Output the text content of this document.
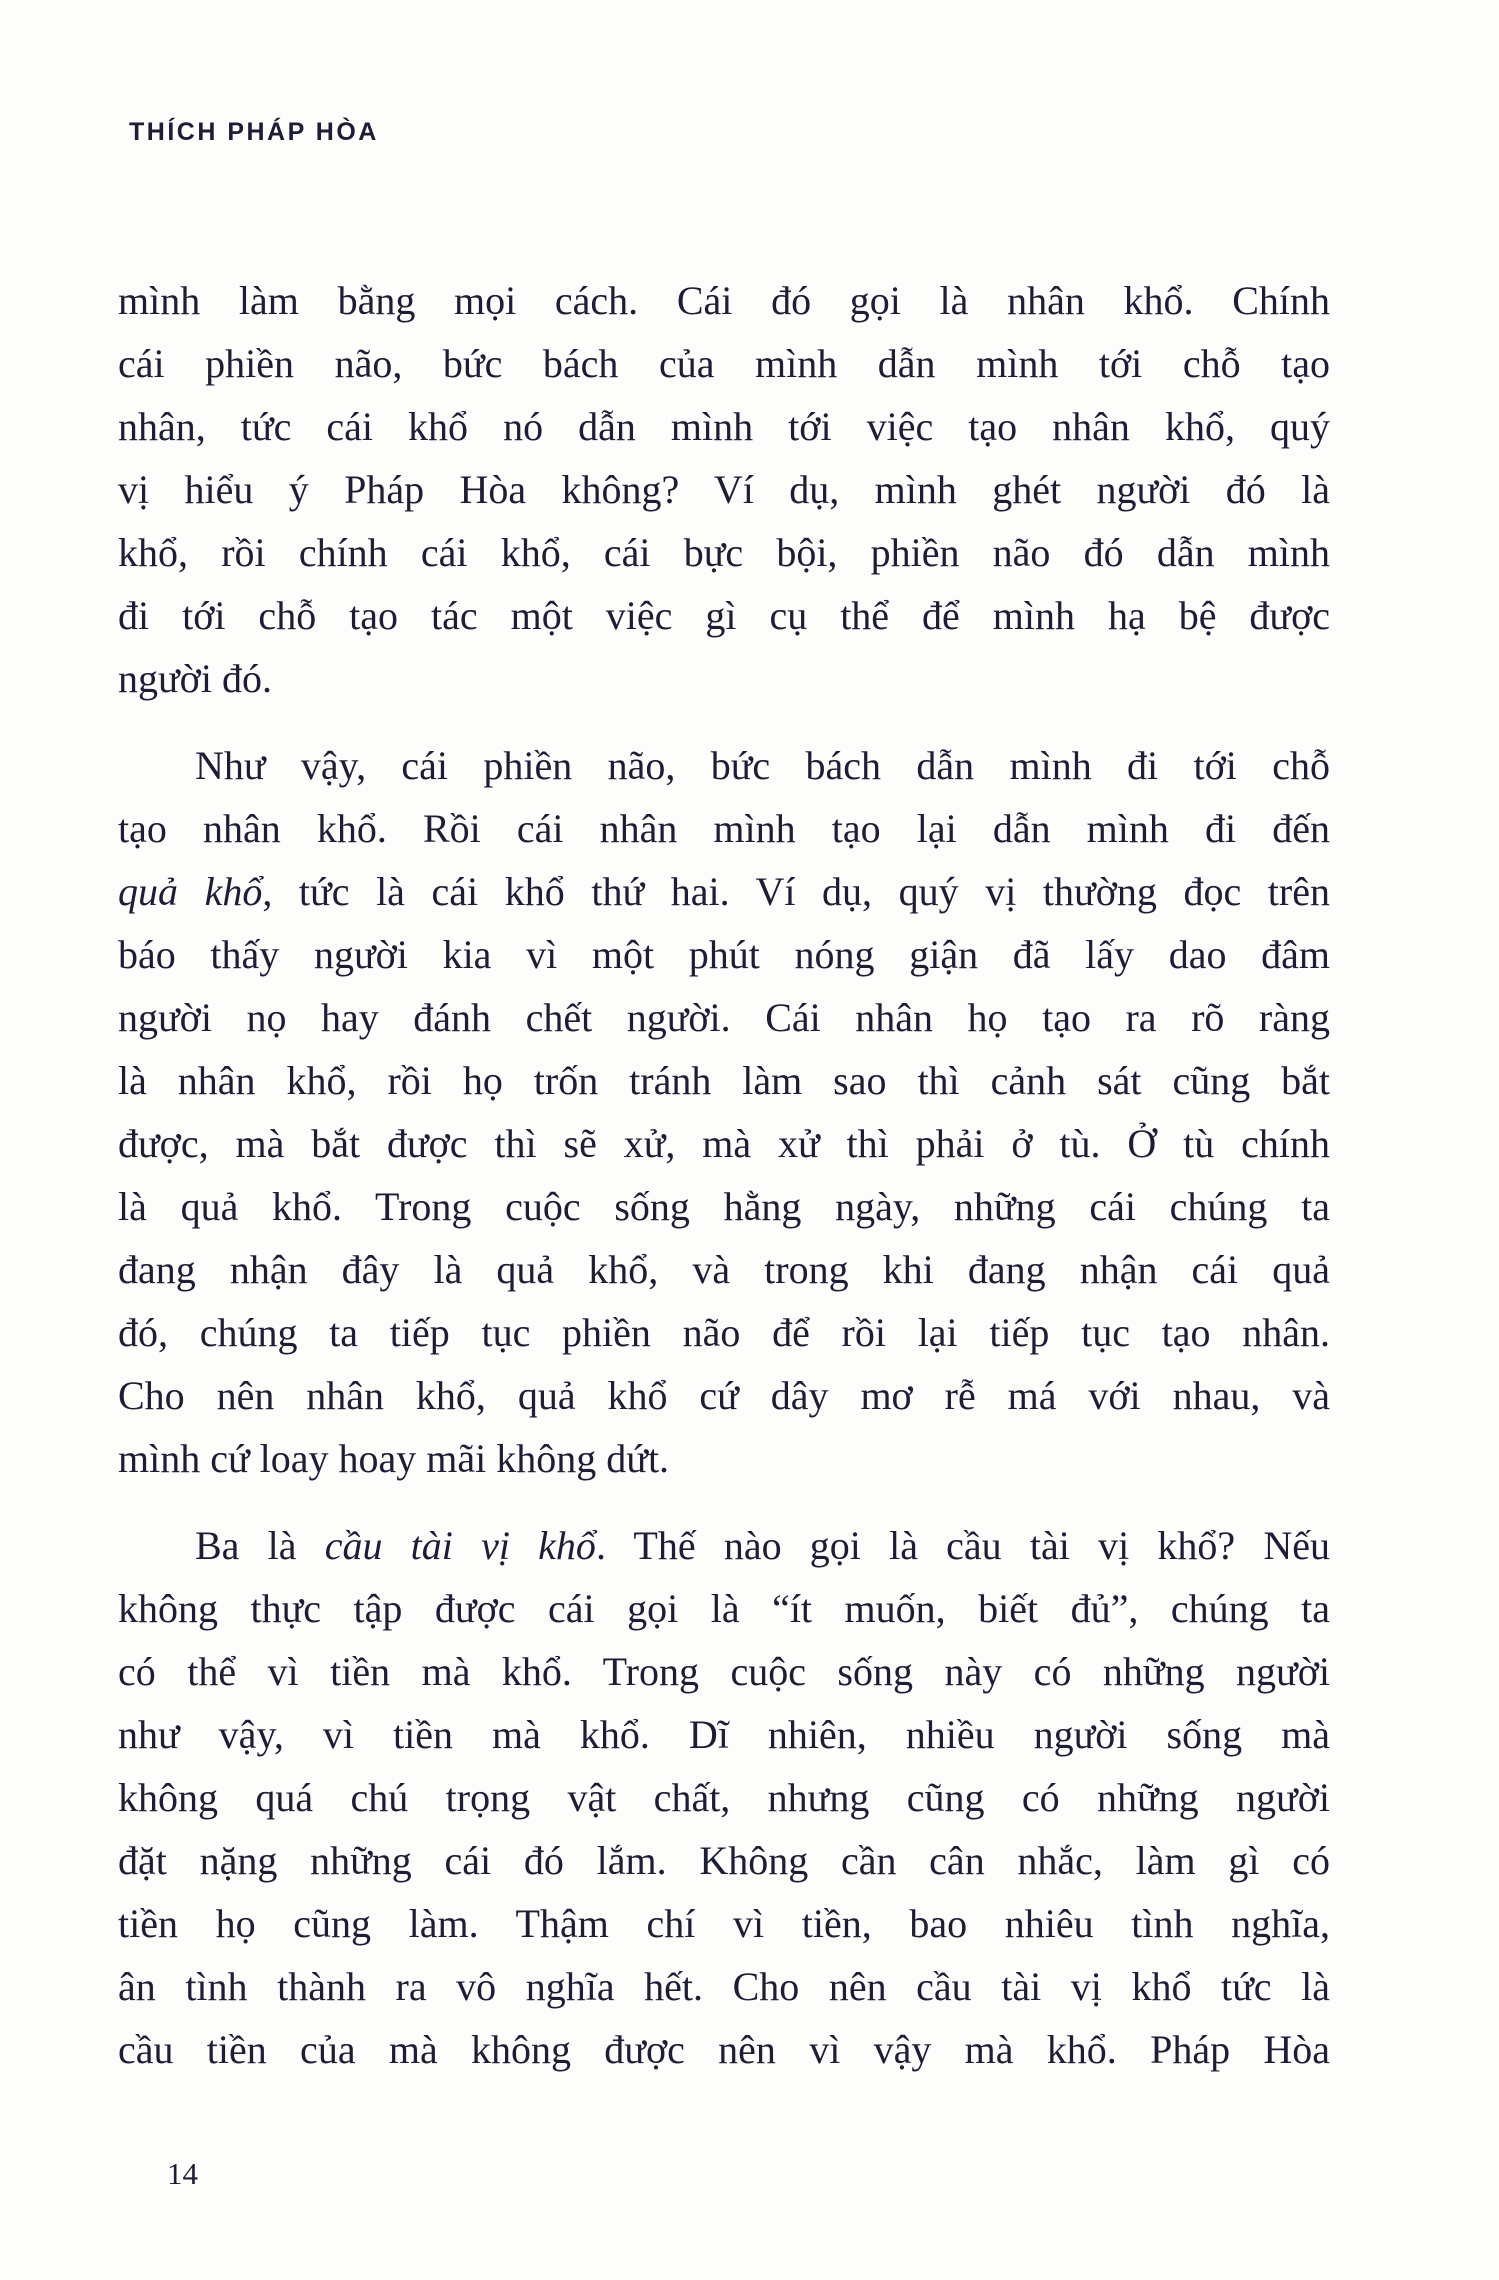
THÍCH PHÁP HÒA
mình làm bằng mọi cách. Cái đó gọi là nhân khổ. Chính
cái phiền não, bức bách của mình dẫn mình tới chỗ tạo
nhân, tức cái khổ nó dẫn mình tới việc tạo nhân khổ, quý
vị hiểu ý Pháp Hòa không? Ví dụ, mình ghét người đó là
khổ, rồi chính cái khổ, cái bực bội, phiền não đó dẫn mình
đi tới chỗ tạo tác một việc gì cụ thể để mình hạ bệ được
người đó.
Như vậy, cái phiền não, bức bách dẫn mình đi tới chỗ
tạo nhân khổ. Rồi cái nhân mình tạo lại dẫn mình đi đến
quả khổ, tức là cái khổ thứ hai. Ví dụ, quý vị thường đọc trên
báo thấy người kia vì một phút nóng giận đã lấy dao đâm
người nọ hay đánh chết người. Cái nhân họ tạo ra rõ ràng
là nhân khổ, rồi họ trốn tránh làm sao thì cảnh sát cũng bắt
được, mà bắt được thì sẽ xử, mà xử thì phải ở tù. Ở tù chính
là quả khổ. Trong cuộc sống hằng ngày, những cái chúng ta
đang nhận đây là quả khổ, và trong khi đang nhận cái quả
đó, chúng ta tiếp tục phiền não để rồi lại tiếp tục tạo nhân.
Cho nên nhân khổ, quả khổ cứ dây mơ rễ má với nhau, và
mình cứ loay hoay mãi không dứt.
Ba là cầu tài vị khổ. Thế nào gọi là cầu tài vị khổ? Nếu
không thực tập được cái gọi là “ít muốn, biết đủ”, chúng ta
có thể vì tiền mà khổ. Trong cuộc sống này có những người
như vậy, vì tiền mà khổ. Dĩ nhiên, nhiều người sống mà
không quá chú trọng vật chất, nhưng cũng có những người
đặt nặng những cái đó lắm. Không cần cân nhắc, làm gì có
tiền họ cũng làm. Thậm chí vì tiền, bao nhiêu tình nghĩa,
ân tình thành ra vô nghĩa hết. Cho nên cầu tài vị khổ tức là
cầu tiền của mà không được nên vì vậy mà khổ. Pháp Hòa
14
